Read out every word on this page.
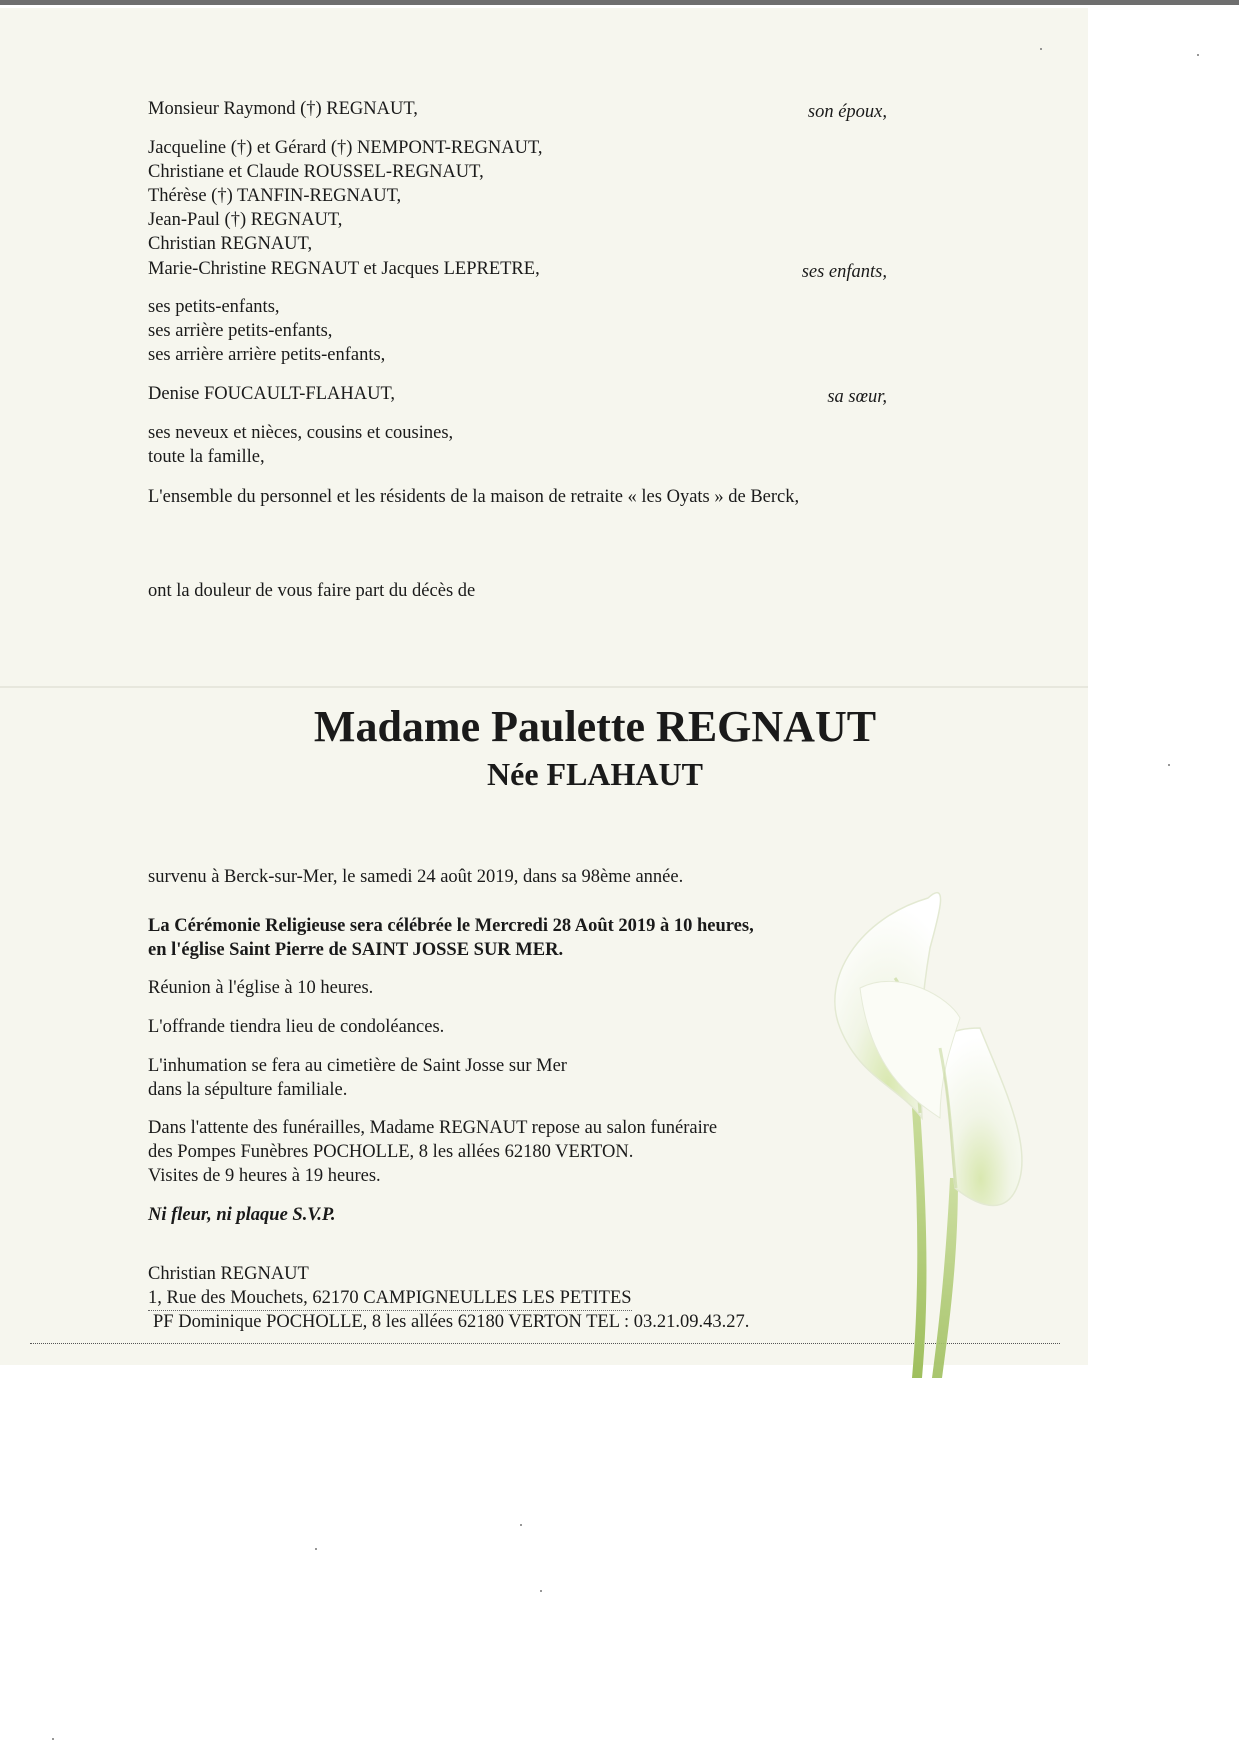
Monsieur Raymond (†) REGNAUT,	son époux,
Jacqueline (†) et Gérard (†) NEMPONT-REGNAUT,
Christiane et Claude ROUSSEL-REGNAUT,
Thérèse (†) TANFIN-REGNAUT,
Jean-Paul (†) REGNAUT,
Christian REGNAUT,
Marie-Christine REGNAUT et Jacques LEPRETRE,	ses enfants,
ses petits-enfants,
ses arrière petits-enfants,
ses arrière arrière petits-enfants,
Denise FOUCAULT-FLAHAUT,	sa sœur,
ses neveux et nièces, cousins et cousines,
toute la famille,
L'ensemble du personnel et les résidents de la maison de retraite « les Oyats » de Berck,
ont la douleur de vous faire part du décès de
Madame Paulette REGNAUT
Née FLAHAUT
survenu à Berck-sur-Mer, le samedi 24 août 2019, dans sa 98ème année.
La Cérémonie Religieuse sera célébrée le Mercredi 28 Août 2019 à 10 heures,
en l'église Saint Pierre de SAINT JOSSE SUR MER.
Réunion à l'église à 10 heures.
L'offrande tiendra lieu de condoléances.
L'inhumation se fera au cimetière de Saint Josse sur Mer
dans la sépulture familiale.
Dans l'attente des funérailles, Madame REGNAUT repose au salon funéraire
des Pompes Funèbres POCHOLLE, 8 les allées 62180 VERTON.
Visites de 9 heures à 19 heures.
Ni fleur, ni plaque S.V.P.
Christian REGNAUT
1, Rue des Mouchets, 62170 CAMPIGNEULLES LES PETITES
PF Dominique POCHOLLE, 8 les allées 62180 VERTON TEL : 03.21.09.43.27.
